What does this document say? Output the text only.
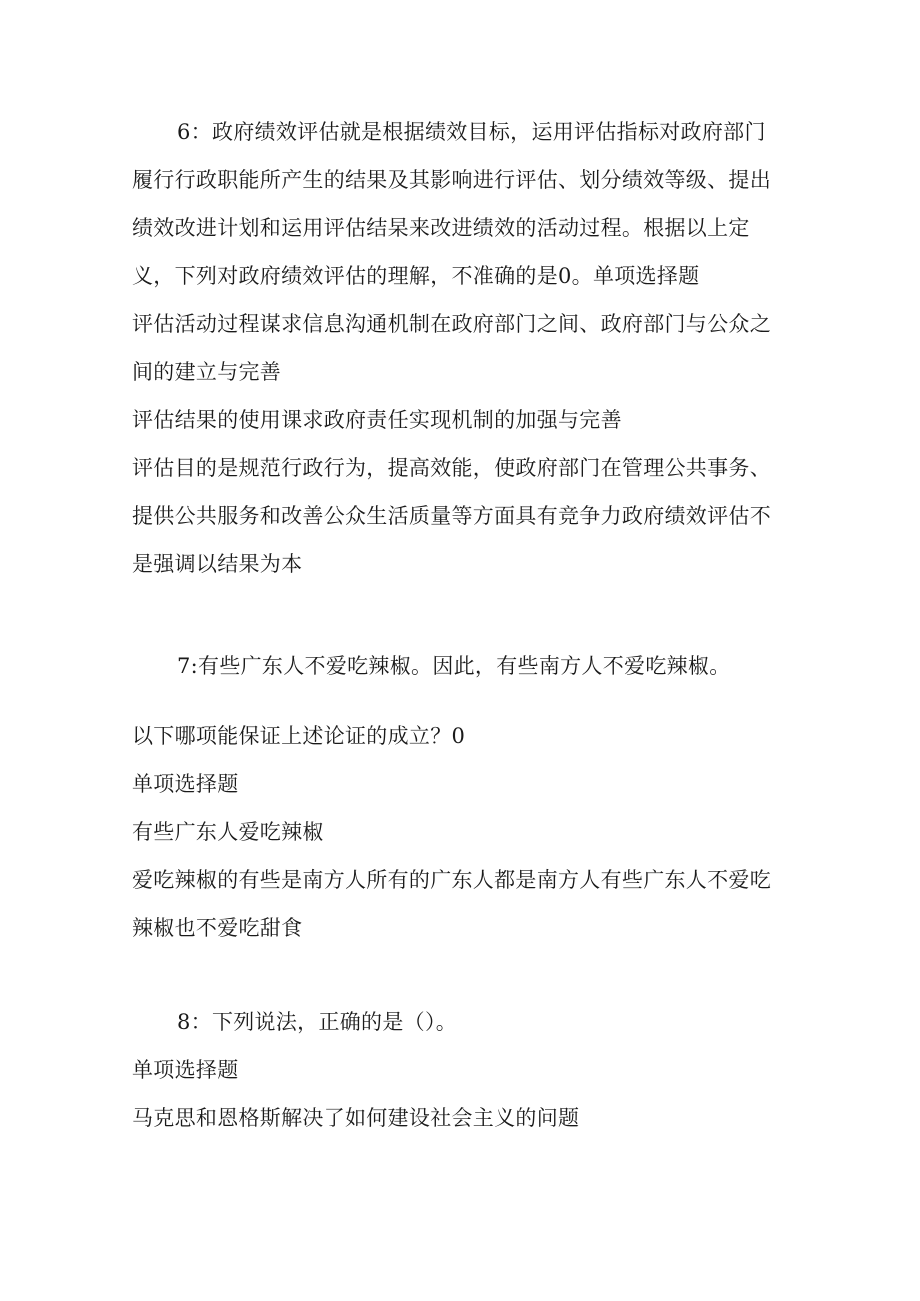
6：政府绩效评估就是根据绩效目标，运用评估指标对政府部门
履行行政职能所产生的结果及其影响进行评估、划分绩效等级、提出
绩效改进计划和运用评估结杲来改进绩效的活动过程。根据以上定
义，下列对政府绩效评估的理解，不准确的是0。单项选择题
评估活动过程谋求信息沟通机制在政府部门之间、政府部门与公众之
间的建立与完善
评估结果的使用课求政府责任实现机制的加强与完善
评估目的是规范行政行为，提高效能，使政府部门在管理公共事务、
提供公共服务和改善公众生活质量等方面具有竞争力政府绩效评估不
是强调以结果为本
7:有些广东人不爱吃辣椒。因此，有些南方人不爱吃辣椒。
以下哪项能保证上述论证的成立？0
单项选择题
有些广东人爱吃辣椒
爱吃辣椒的有些是南方人所有的广东人都是南方人有些广东人不爱吃
辣椒也不爱吃甜食
8：下列说法，正确的是（）。
单项选择题
马克思和恩格斯解决了如何建设社会主义的问题
